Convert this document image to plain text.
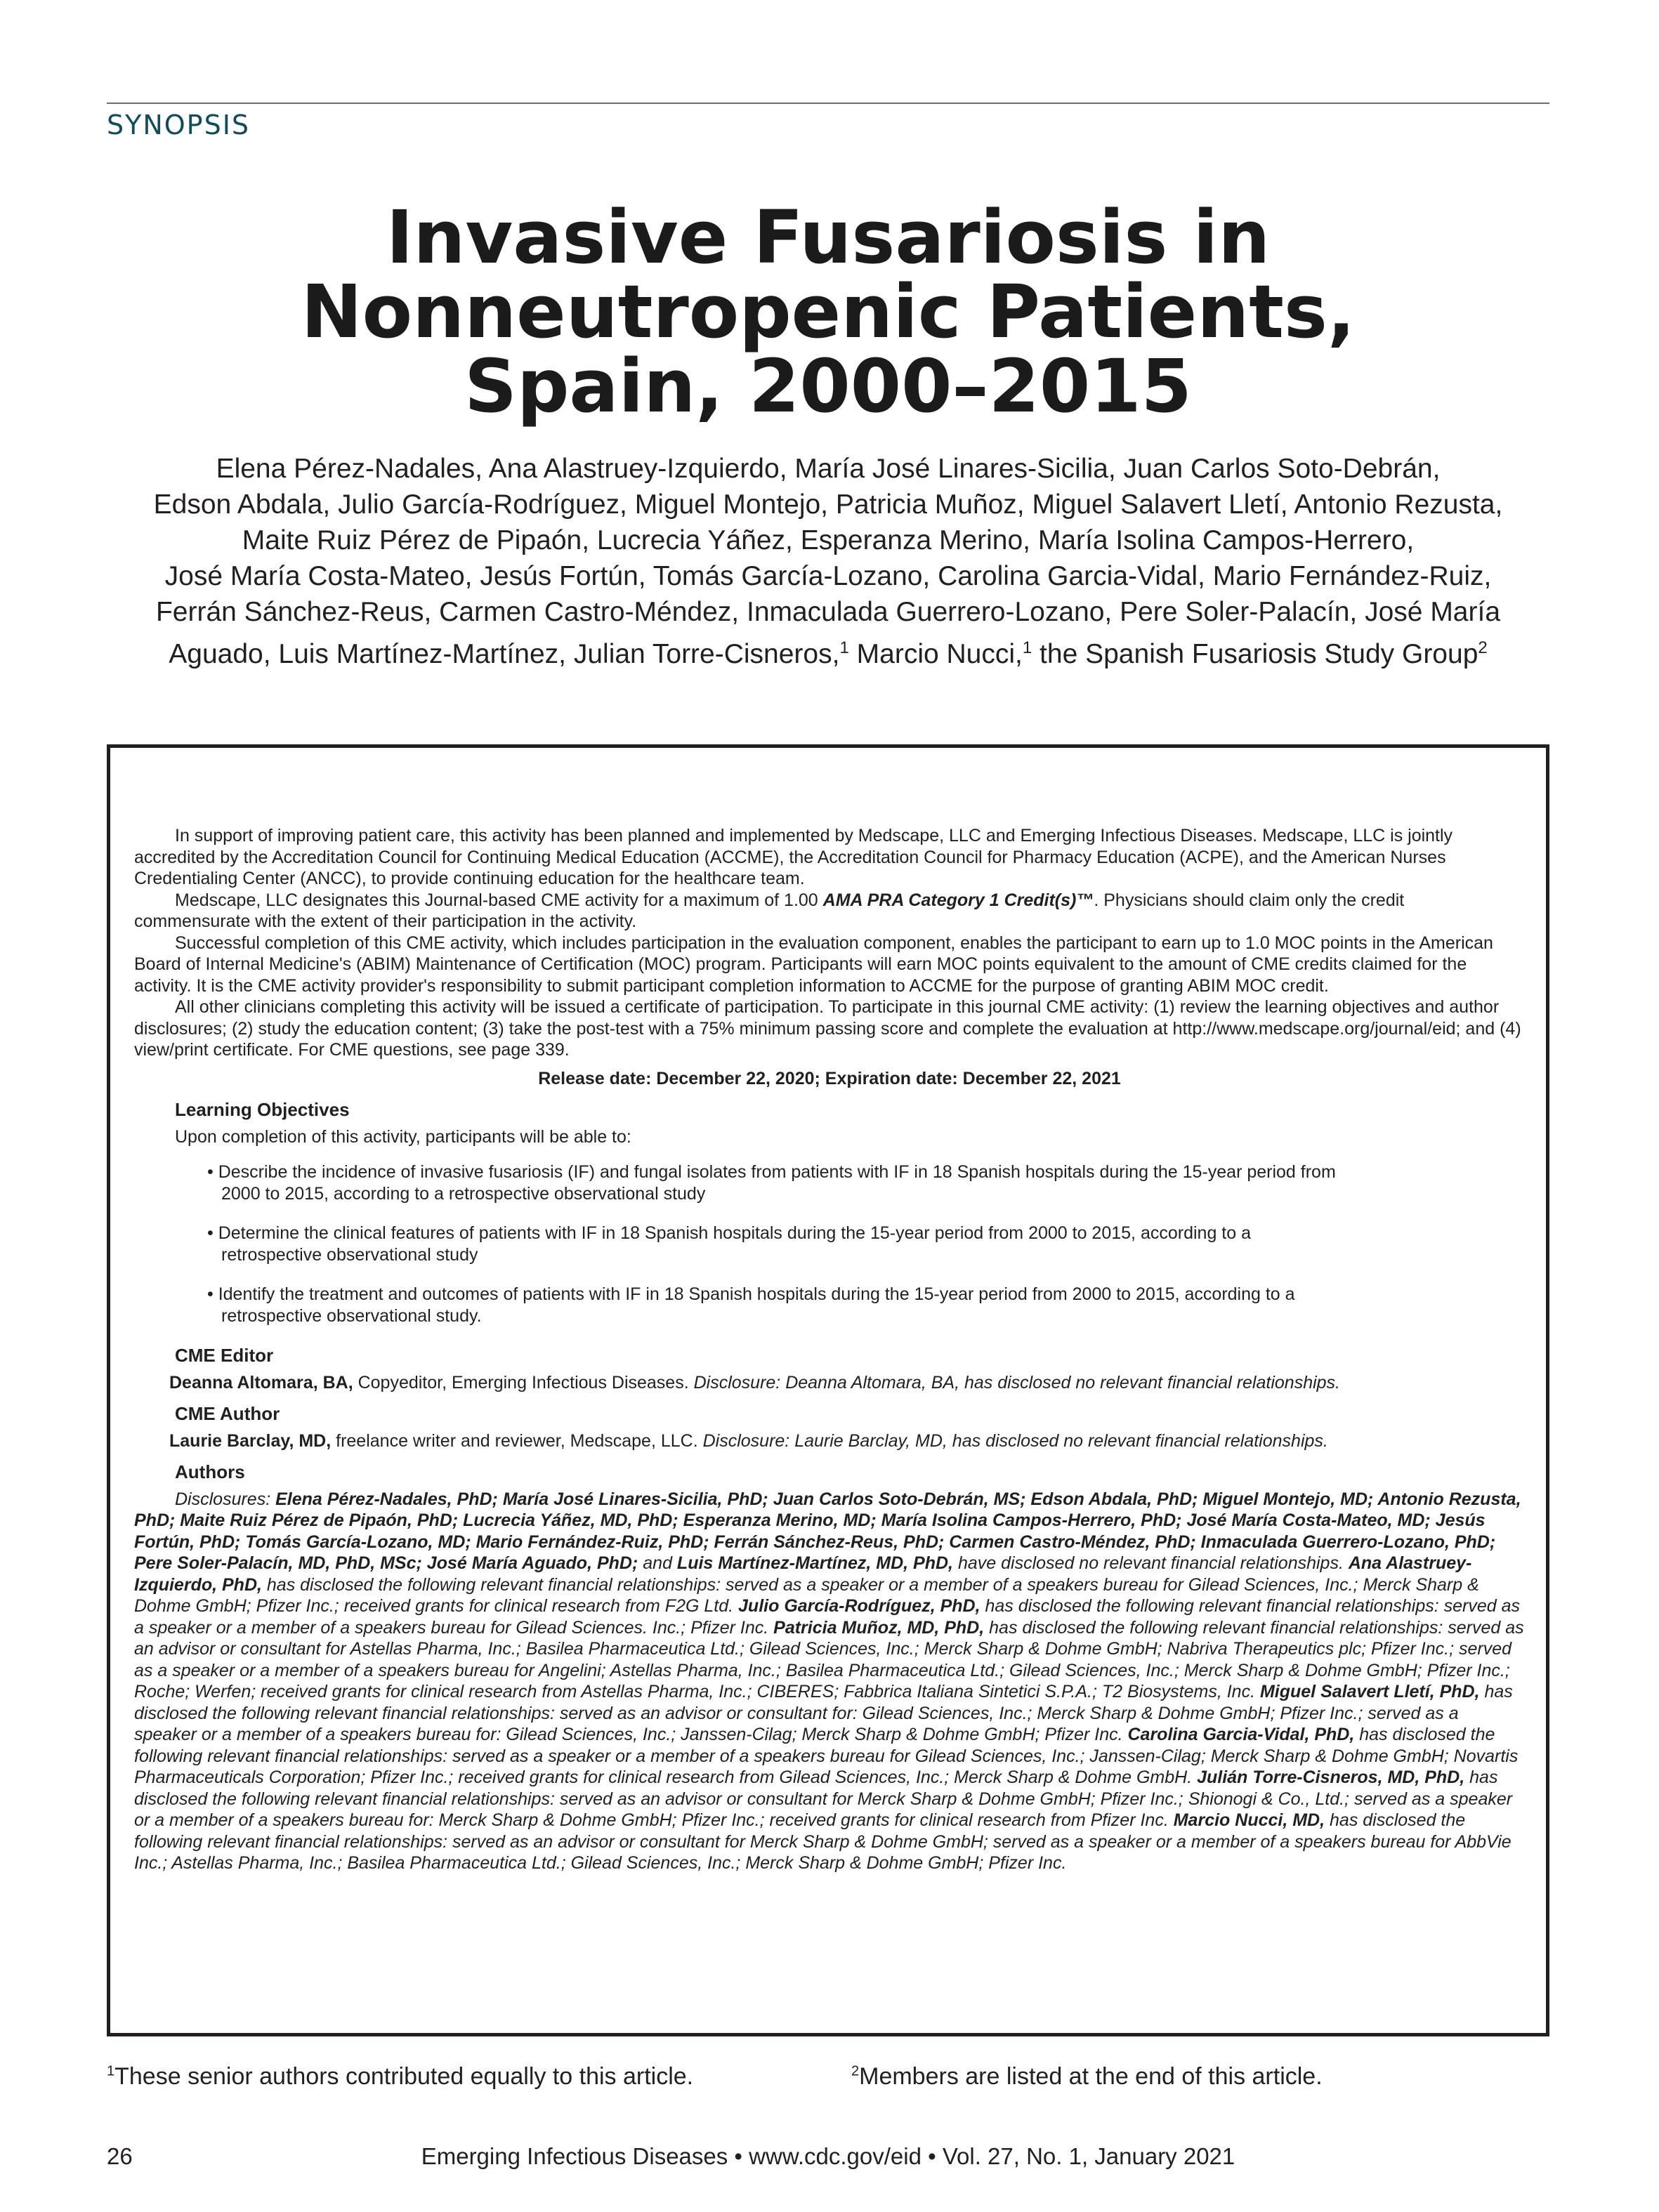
SYNOPSIS
Invasive Fusariosis in
Nonneutropenic Patients,
Spain, 2000–2015
Elena Pérez-Nadales, Ana Alastruey-Izquierdo, María José Linares-Sicilia, Juan Carlos Soto-Debrán,
Edson Abdala, Julio García-Rodríguez, Miguel Montejo, Patricia Muñoz, Miguel Salavert Lletí, Antonio Rezusta,
Maite Ruiz Pérez de Pipaón, Lucrecia Yáñez, Esperanza Merino, María Isolina Campos-Herrero,
José María Costa-Mateo, Jesús Fortún, Tomás García-Lozano, Carolina Garcia-Vidal, Mario Fernández-Ruiz,
Ferrán Sánchez-Reus, Carmen Castro-Méndez, Inmaculada Guerrero-Lozano, Pere Soler-Palacín, José María
Aguado, Luis Martínez-Martínez, Julian Torre-Cisneros,$^1$ Marcio Nucci,$^1$ the Spanish Fusariosis Study Group$^2$

In support of improving patient care, this activity has been planned and implemented by Medscape, LLC and Emerging Infectious Diseases. Medscape, LLC is jointly accredited by the Accreditation Council for Continuing Medical Education (ACCME), the Accreditation Council for Pharmacy Education (ACPE), and the American Nurses Credentialing Center (ANCC), to provide continuing education for the healthcare team.

Medscape, LLC designates this Journal-based CME activity for a maximum of 1.00 AMA PRA Category 1 Credit(s)™. Physicians should claim only the credit commensurate with the extent of their participation in the activity.

Successful completion of this CME activity, which includes participation in the evaluation component, enables the participant to earn up to 1.0 MOC points in the American Board of Internal Medicine's (ABIM) Maintenance of Certification (MOC) program. Participants will earn MOC points equivalent to the amount of CME credits claimed for the activity. It is the CME activity provider's responsibility to submit participant completion information to ACCME for the purpose of granting ABIM MOC credit.

All other clinicians completing this activity will be issued a certificate of participation. To participate in this journal CME activity: (1) review the learning objectives and author disclosures; (2) study the education content; (3) take the post-test with a 75% minimum passing score and complete the evaluation at http://www.medscape.org/journal/eid; and (4) view/print certificate. For CME questions, see page 339.

Release date: December 22, 2020; Expiration date: December 22, 2021
Learning Objectives
Upon completion of this activity, participants will be able to:
• Describe the incidence of invasive fusariosis (IF) and fungal isolates from patients with IF in 18 Spanish hospitals during the 15-year period from 2000 to 2015, according to a retrospective observational study
• Determine the clinical features of patients with IF in 18 Spanish hospitals during the 15-year period from 2000 to 2015, according to a retrospective observational study
• Identify the treatment and outcomes of patients with IF in 18 Spanish hospitals during the 15-year period from 2000 to 2015, according to a retrospective observational study.
CME Editor
Deanna Altomara, BA, Copyeditor, Emerging Infectious Diseases. Disclosure: Deanna Altomara, BA, has disclosed no relevant financial relationships.
CME Author
Laurie Barclay, MD, freelance writer and reviewer, Medscape, LLC. Disclosure: Laurie Barclay, MD, has disclosed no relevant financial relationships.
Authors

Disclosures: Elena Pérez-Nadales, PhD; María José Linares-Sicilia, PhD; Juan Carlos Soto-Debrán, MS; Edson Abdala, PhD; Miguel Montejo, MD; Antonio Rezusta, PhD; Maite Ruiz Pérez de Pipaón, PhD; Lucrecia Yáñez, MD, PhD; Esperanza Merino, MD; María Isolina Campos-Herrero, PhD; José María Costa-Mateo, MD; Jesús Fortún, PhD; Tomás García-Lozano, MD; Mario Fernández-Ruiz, PhD; Ferrán Sánchez-Reus, PhD; Carmen Castro-Méndez, PhD; Inmaculada Guerrero-Lozano, PhD; Pere Soler-Palacín, MD, PhD, MSc; José María Aguado, PhD; and Luis Martínez-Martínez, MD, PhD, have disclosed no relevant financial relationships. Ana Alastruey-Izquierdo, PhD, has disclosed the following relevant financial relationships: served as a speaker or a member of a speakers bureau for Gilead Sciences, Inc.; Merck Sharp & Dohme GmbH; Pfizer Inc.; received grants for clinical research from F2G Ltd. Julio García-Rodríguez, PhD, has disclosed the following relevant financial relationships: served as a speaker or a member of a speakers bureau for Gilead Sciences. Inc.; Pfizer Inc. Patricia Muñoz, MD, PhD, has disclosed the following relevant financial relationships: served as an advisor or consultant for Astellas Pharma, Inc.; Basilea Pharmaceutica Ltd.; Gilead Sciences, Inc.; Merck Sharp & Dohme GmbH; Nabriva Therapeutics plc; Pfizer Inc.; served as a speaker or a member of a speakers bureau for Angelini; Astellas Pharma, Inc.; Basilea Pharmaceutica Ltd.; Gilead Sciences, Inc.; Merck Sharp & Dohme GmbH; Pfizer Inc.; Roche; Werfen; received grants for clinical research from Astellas Pharma, Inc.; CIBERES; Fabbrica Italiana Sintetici S.P.A.; T2 Biosystems, Inc. Miguel Salavert Lletí, PhD, has disclosed the following relevant financial relationships: served as an advisor or consultant for: Gilead Sciences, Inc.; Merck Sharp & Dohme GmbH; Pfizer Inc.; served as a speaker or a member of a speakers bureau for: Gilead Sciences, Inc.; Janssen-Cilag; Merck Sharp & Dohme GmbH; Pfizer Inc. Carolina Garcia-Vidal, PhD, has disclosed the following relevant financial relationships: served as a speaker or a member of a speakers bureau for Gilead Sciences, Inc.; Janssen-Cilag; Merck Sharp & Dohme GmbH; Novartis Pharmaceuticals Corporation; Pfizer Inc.; received grants for clinical research from Gilead Sciences, Inc.; Merck Sharp & Dohme GmbH. Julián Torre-Cisneros, MD, PhD, has disclosed the following relevant financial relationships: served as an advisor or consultant for Merck Sharp & Dohme GmbH; Pfizer Inc.; Shionogi & Co., Ltd.; served as a speaker or a member of a speakers bureau for: Merck Sharp & Dohme GmbH; Pfizer Inc.; received grants for clinical research from Pfizer Inc. Marcio Nucci, MD, has disclosed the following relevant financial relationships: served as an advisor or consultant for Merck Sharp & Dohme GmbH; served as a speaker or a member of a speakers bureau for AbbVie Inc.; Astellas Pharma, Inc.; Basilea Pharmaceutica Ltd.; Gilead Sciences, Inc.; Merck Sharp & Dohme GmbH; Pfizer Inc.

$^1$These senior authors contributed equally to this article.	$^2$Members are listed at the end of this article.
26	Emerging Infectious Diseases • www.cdc.gov/eid • Vol. 27, No. 1, January 2021
